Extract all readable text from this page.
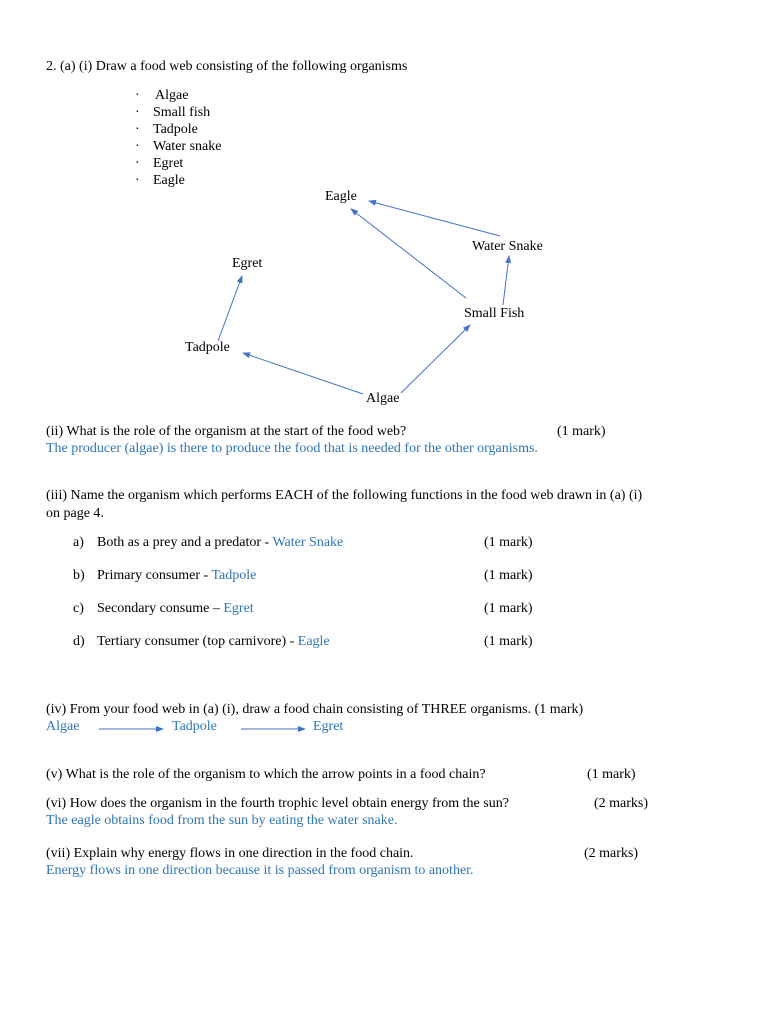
2. (a) (i) Draw a food web consisting of the following organisms
· Algae
· Small fish
· Tadpole
· Water snake
· Egret
· Eagle
Eagle
Water Snake
Egret
Small Fish
Tadpole
Algae
(ii) What is the role of the organism at the start of the food web?	(1 mark)
The producer (algae) is there to produce the food that is needed for the other organisms.
(iii) Name the organism which performs EACH of the following functions in the food web drawn in (a) (i)
on page 4.
a) Both as a prey and a predator - Water Snake	(1 mark)
b) Primary consumer - Tadpole	(1 mark)
c) Secondary consume – Egret	(1 mark)
d) Tertiary consumer (top carnivore) - Eagle	(1 mark)
(iv) From your food web in (a) (i), draw a food chain consisting of THREE organisms. (1 mark)
Algae	Tadpole	Egret
(v) What is the role of the organism to which the arrow points in a food chain?	(1 mark)
(vi) How does the organism in the fourth trophic level obtain energy from the sun?	(2 marks)
The eagle obtains food from the sun by eating the water snake.
(vii) Explain why energy flows in one direction in the food chain.	(2 marks)
Energy flows in one direction because it is passed from organism to another.
